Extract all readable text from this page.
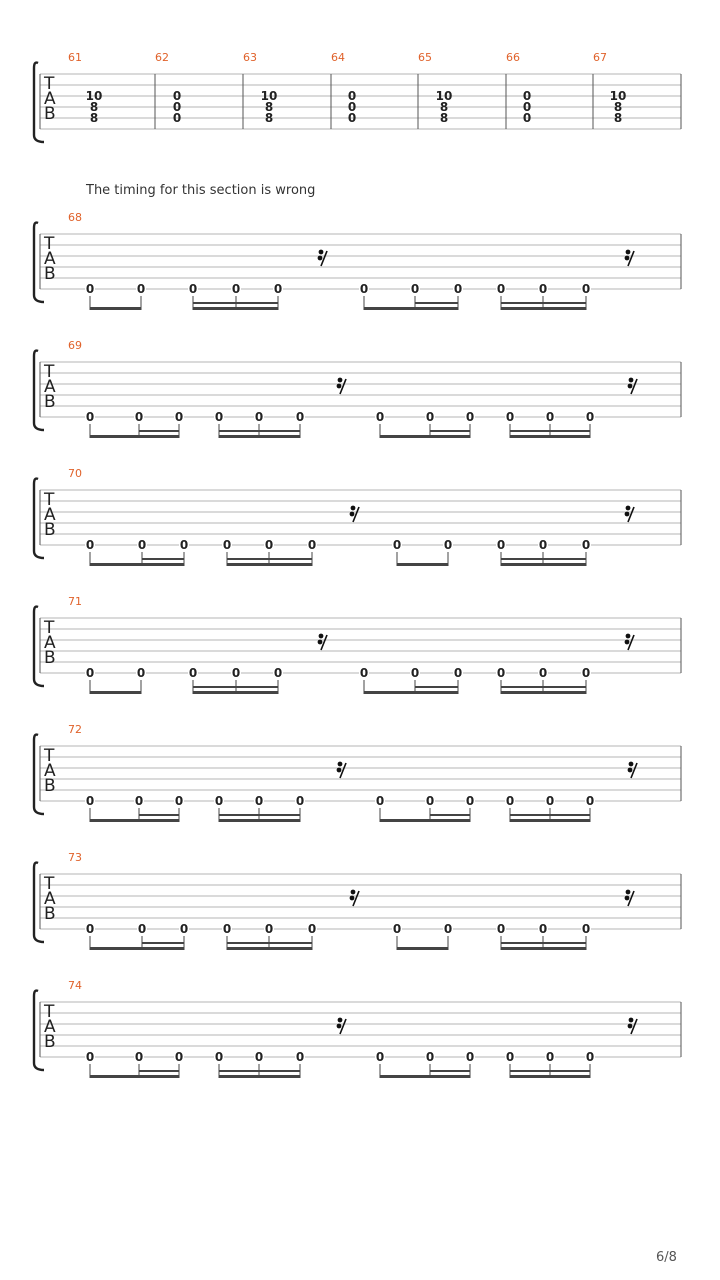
T
A
B
61
10
8
8
62
0
0
0
63
10
8
8
64
0
0
0
65
10
8
8
66
0
0
0
67
10
8
8
T
A
B
68
0	0	0	0	0	0	0	0	0	0	0
T
A
B
69
0	0	0	0	0	0	0	0	0	0	0	0
T
A
B
70
0	0	0	0	0	0	0	0	0	0	0
T
A
B
71
0	0	0	0	0	0	0	0	0	0	0
T
A
B
72
0	0	0	0	0	0	0	0	0	0	0	0
T
A
B
73
0	0	0	0	0	0	0	0	0	0	0
T
A
B
74
0	0	0	0	0	0	0	0	0	0	0	0
The timing for this section is wrong
6/8
